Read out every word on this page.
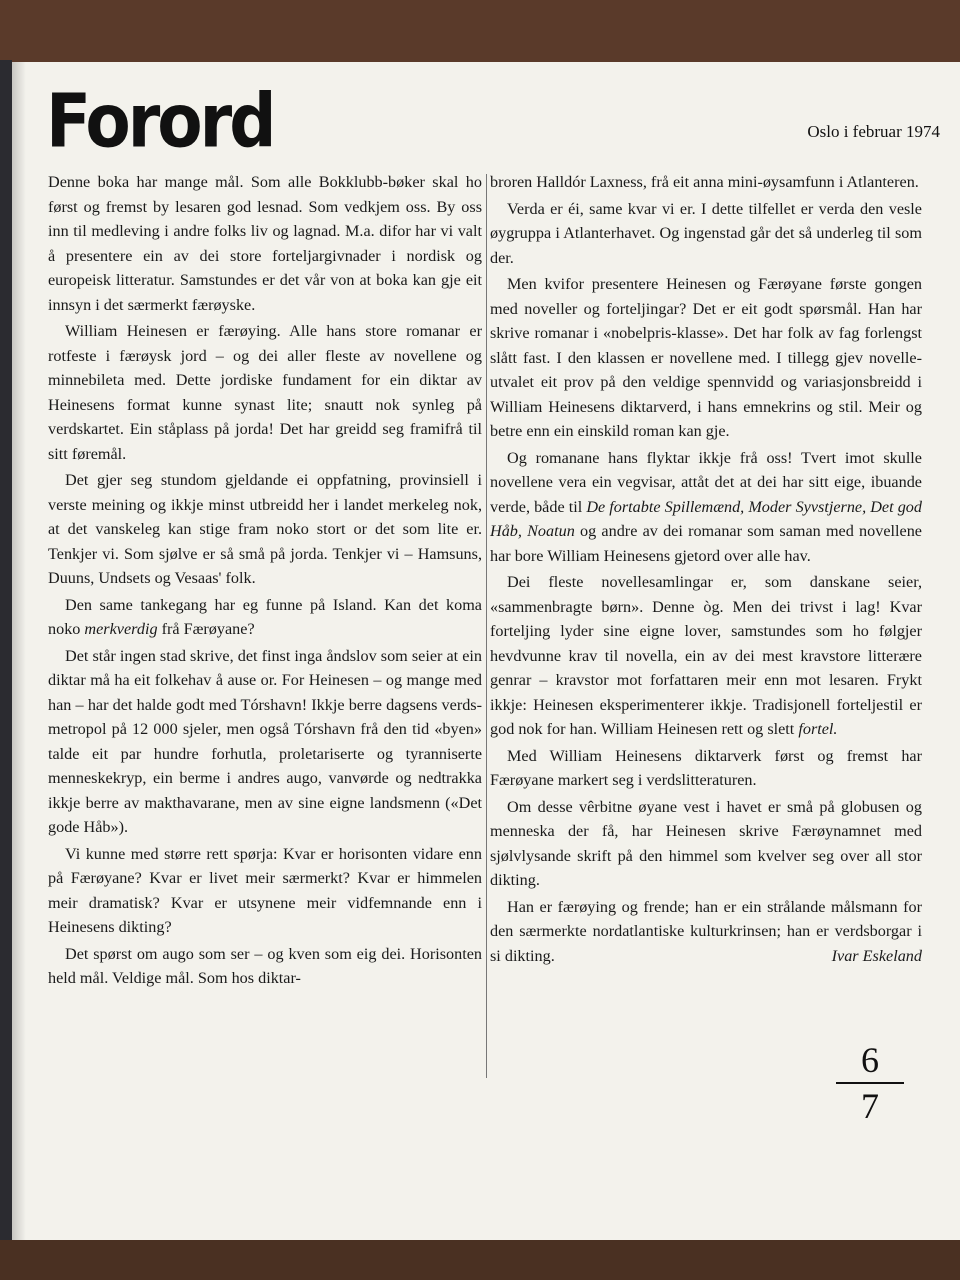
Forord	Oslo i februar 1974

Denne boka har mange mål. Som alle Bokklubb-bøker skal ho først og fremst by lesaren god lesnad. Som vedkjem oss. By oss inn til medleving i andre folks liv og lagnad. M.a. difor har vi valt å presentere ein av dei store forteljargivnader i nordisk og europeisk litteratur. Samstundes er det vår von at boka kan gje eit innsyn i det særmerkt færøyske.

William Heinesen er færøying. Alle hans store romanar er rotfeste i færøysk jord – og dei aller fleste av novellene og minnebileta med. Dette jordiske fundament for ein diktar av Heinesens format kunne synast lite; snautt nok synleg på verdskartet. Ein ståplass på jorda! Det har greidd seg framifrå til sitt føremål.

Det gjer seg stundom gjeldande ei oppfatning, provinsiell i verste meining og ikkje minst utbreidd her i landet merkeleg nok, at det vanskeleg kan stige fram noko stort or det som lite er. Tenkjer vi. Som sjølve er så små på jorda. Tenkjer vi – Hamsuns, Duuns, Undsets og Vesaas' folk.

Den same tankegang har eg funne på Island. Kan det koma noko merkverdig frå Færøyane?

Det står ingen stad skrive, det finst inga åndslov som seier at ein diktar må ha eit folkehav å ause or. For Heinesen – og mange med han – har det halde godt med Tórshavn! Ikkje berre dagsens verds-metropol på 12 000 sjeler, men også Tórshavn frå den tid «byen» talde eit par hundre forhutla, proletariserte og tyranniserte menneskekryp, ein berme i andres augo, vanvørde og nedtrakka ikkje berre av makthavarane, men av sine eigne landsmenn («Det gode Håb»).

Vi kunne med større rett spørja: Kvar er horisonten vidare enn på Færøyane? Kvar er livet meir særmerkt? Kvar er himmelen meir dramatisk? Kvar er utsynene meir vidfemnande enn i Heinesens dikting?

Det spørst om augo som ser – og kven som eig dei. Horisonten held mål. Veldige mål. Som hos diktar-

broren Halldór Laxness, frå eit anna mini-øysamfunn i Atlanteren.

Verda er éi, same kvar vi er. I dette tilfellet er verda den vesle øygruppa i Atlanterhavet. Og ingenstad går det så underleg til som der.

Men kvifor presentere Heinesen og Færøyane første gongen med noveller og forteljingar? Det er eit godt spørsmål. Han har skrive romanar i «nobelpris-klasse». Det har folk av fag forlengst slått fast. I den klassen er novellene med. I tillegg gjev novelle-utvalet eit prov på den veldige spennvidd og variasjonsbreidd i William Heinesens diktarverd, i hans emnekrins og stil. Meir og betre enn ein einskild roman kan gje.

Og romanane hans flyktar ikkje frå oss! Tvert imot skulle novellene vera ein vegvisar, attåt det at dei har sitt eige, ibuande verde, både til De fortabte Spillemænd, Moder Syvstjerne, Det god Håb, Noatun og andre av dei romanar som saman med novellene har bore William Heinesens gjetord over alle hav.

Dei fleste novellesamlingar er, som danskane seier, «sammenbragte børn». Denne òg. Men dei trivst i lag! Kvar forteljing lyder sine eigne lover, samstundes som ho følgjer hevdvunne krav til novella, ein av dei mest kravstore litterære genrar – kravstor mot forfattaren meir enn mot lesaren. Frykt ikkje: Heinesen eksperimenterer ikkje. Tradisjonell forteljestil er god nok for han. William Heinesen rett og slett fortel.

Med William Heinesens diktarverk først og fremst har Færøyane markert seg i verdslitteraturen.

Om desse vêrbitne øyane vest i havet er små på globusen og menneska der få, har Heinesen skrive Færøynamnet med sjølvlysande skrift på den himmel som kvelver seg over all stor dikting.

Han er færøying og frende; han er ein strålande målsmann for den særmerkte nordatlantiske kulturkrinsen; han er verdsborgar i si dikting.	Ivar Eskeland

6
7
